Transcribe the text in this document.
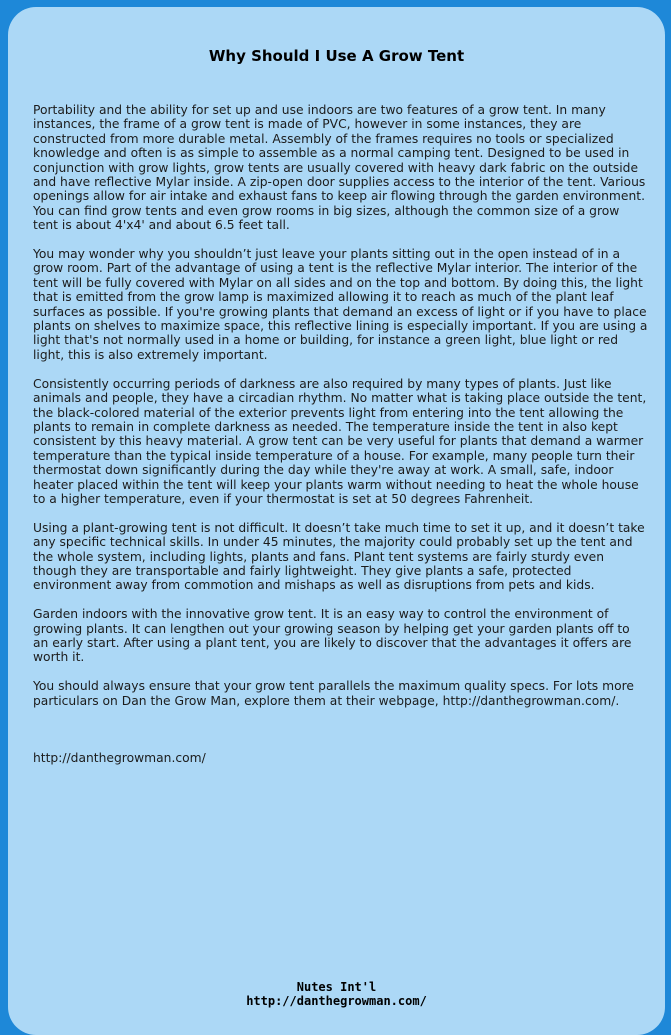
Why Should I Use A Grow Tent

Portability and the ability for set up and use indoors are two features of a grow tent. In many instances, the frame of a grow tent is made of PVC, however in some instances, they are constructed from more durable metal. Assembly of the frames requires no tools or specialized knowledge and often is as simple to assemble as a normal camping tent. Designed to be used in conjunction with grow lights, grow tents are usually covered with heavy dark fabric on the outside and have reflective Mylar inside. A zip-open door supplies access to the interior of the tent. Various openings allow for air intake and exhaust fans to keep air flowing through the garden environment. You can find grow tents and even grow rooms in big sizes, although the common size of a grow tent is about 4'x4' and about 6.5 feet tall.

You may wonder why you shouldn’t just leave your plants sitting out in the open instead of in a grow room. Part of the advantage of using a tent is the reflective Mylar interior. The interior of the tent will be fully covered with Mylar on all sides and on the top and bottom. By doing this, the light that is emitted from the grow lamp is maximized allowing it to reach as much of the plant leaf surfaces as possible. If you're growing plants that demand an excess of light or if you have to place plants on shelves to maximize space, this reflective lining is especially important. If you are using a light that's not normally used in a home or building, for instance a green light, blue light or red light, this is also extremely important.

Consistently occurring periods of darkness are also required by many types of plants. Just like animals and people, they have a circadian rhythm. No matter what is taking place outside the tent, the black-colored material of the exterior prevents light from entering into the tent allowing the plants to remain in complete darkness as needed. The temperature inside the tent in also kept consistent by this heavy material. A grow tent can be very useful for plants that demand a warmer temperature than the typical inside temperature of a house. For example, many people turn their thermostat down significantly during the day while they're away at work. A small, safe, indoor heater placed within the tent will keep your plants warm without needing to heat the whole house to a higher temperature, even if your thermostat is set at 50 degrees Fahrenheit.

Using a plant-growing tent is not difficult. It doesn’t take much time to set it up, and it doesn’t take any specific technical skills. In under 45 minutes, the majority could probably set up the tent and the whole system, including lights, plants and fans. Plant tent systems are fairly sturdy even though they are transportable and fairly lightweight. They give plants a safe, protected environment away from commotion and mishaps as well as disruptions from pets and kids.

Garden indoors with the innovative grow tent. It is an easy way to control the environment of growing plants. It can lengthen out your growing season by helping get your garden plants off to an early start. After using a plant tent, you are likely to discover that the advantages it offers are worth it.

You should always ensure that your grow tent parallels the maximum quality specs. For lots more particulars on Dan the Grow Man, explore them at their webpage, http://danthegrowman.com/.

http://danthegrowman.com/

Nutes Int'l
http://danthegrowman.com/
